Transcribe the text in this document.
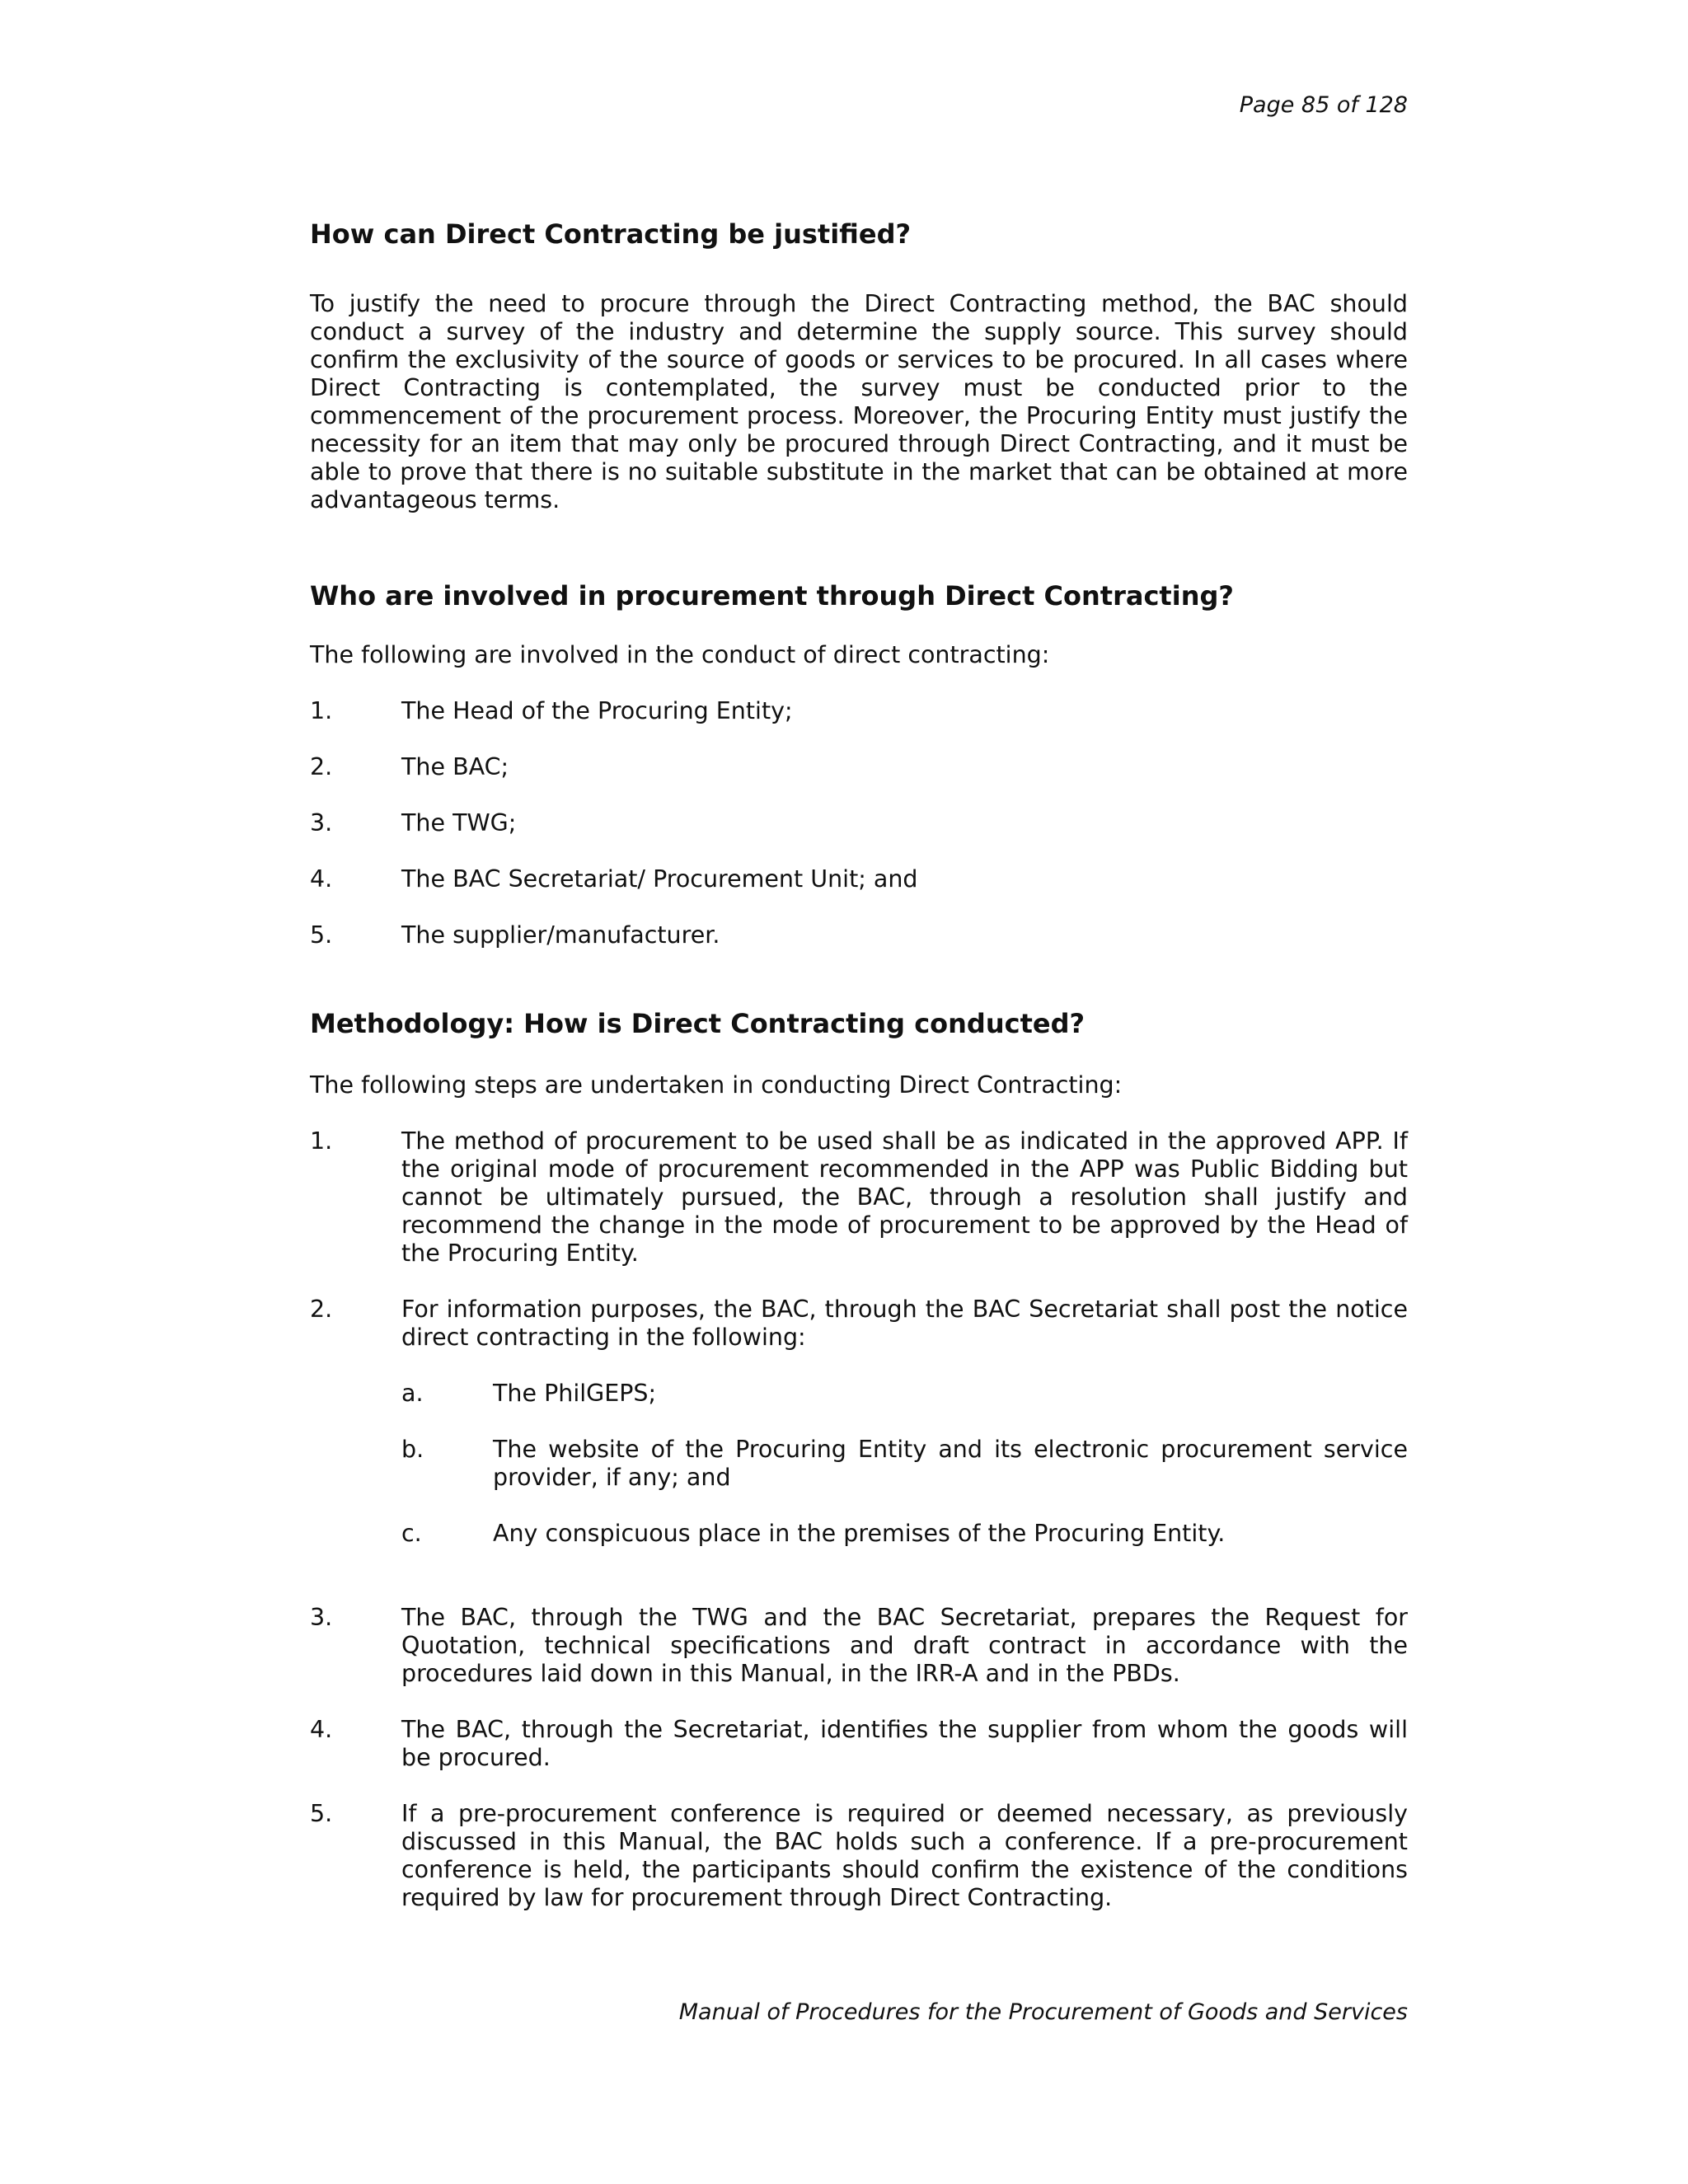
Page 85 of 128
How can Direct Contracting be justified?

To justify the need to procure through the Direct Contracting method, the BAC should conduct a survey of the industry and determine the supply source. This survey should confirm the exclusivity of the source of goods or services to be procured. In all cases where Direct Contracting is contemplated, the survey must be conducted prior to the commencement of the procurement process. Moreover, the Procuring Entity must justify the necessity for an item that may only be procured through Direct Contracting, and it must be able to prove that there is no suitable substitute in the market that can be obtained at more advantageous terms.

Who are involved in procurement through Direct Contracting?

The following are involved in the conduct of direct contracting:

1.	The Head of the Procuring Entity;
2.	The BAC;
3.	The TWG;
4.	The BAC Secretariat/ Procurement Unit; and
5.	The supplier/manufacturer.
Methodology: How is Direct Contracting conducted?

The following steps are undertaken in conducting Direct Contracting:

1.	The method of procurement to be used shall be as indicated in the approved APP. If the original mode of procurement recommended in the APP was Public Bidding but cannot be ultimately pursued, the BAC, through a resolution shall justify and recommend the change in the mode of procurement to be approved by the Head of the Procuring Entity.
2.	For information purposes, the BAC, through the BAC Secretariat shall post the notice direct contracting in the following:
a.	The PhilGEPS;
b.	The website of the Procuring Entity and its electronic procurement service provider, if any; and
c.	Any conspicuous place in the premises of the Procuring Entity.
3.	The BAC, through the TWG and the BAC Secretariat, prepares the Request for Quotation, technical specifications and draft contract in accordance with the procedures laid down in this Manual, in the IRR-A and in the PBDs.
4.	The BAC, through the Secretariat, identifies the supplier from whom the goods will be procured.
5.	If a pre-procurement conference is required or deemed necessary, as previously discussed in this Manual, the BAC holds such a conference. If a pre-procurement conference is held, the participants should confirm the existence of the conditions required by law for procurement through Direct Contracting.
Manual of Procedures for the Procurement of Goods and Services
